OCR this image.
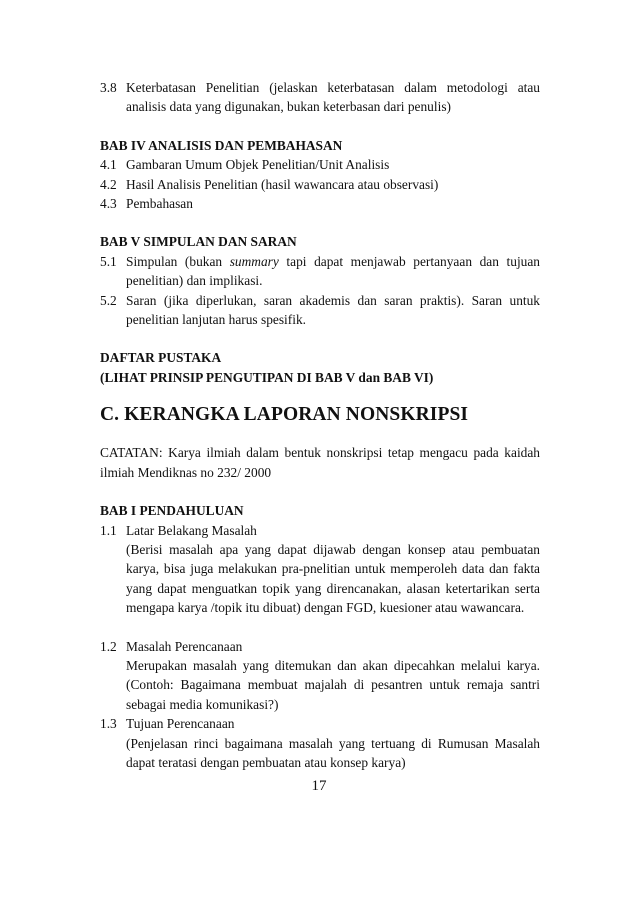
3.8 Keterbatasan Penelitian (jelaskan keterbatasan dalam metodologi atau analisis data yang digunakan, bukan keterbasan dari penulis)
BAB IV ANALISIS DAN PEMBAHASAN
4.1 Gambaran Umum Objek Penelitian/Unit Analisis
4.2 Hasil Analisis Penelitian (hasil wawancara atau observasi)
4.3 Pembahasan
BAB V SIMPULAN DAN SARAN
5.1 Simpulan (bukan summary tapi dapat menjawab pertanyaan dan tujuan penelitian) dan implikasi.
5.2 Saran (jika diperlukan, saran akademis dan saran praktis). Saran untuk penelitian lanjutan harus spesifik.
DAFTAR PUSTAKA
(LIHAT PRINSIP PENGUTIPAN DI BAB V dan BAB VI)
C. KERANGKA LAPORAN NONSKRIPSI
CATATAN: Karya ilmiah dalam bentuk nonskripsi tetap mengacu pada kaidah ilmiah Mendiknas no 232/ 2000
BAB I PENDAHULUAN
1.1 Latar Belakang Masalah
(Berisi masalah apa yang dapat dijawab dengan konsep atau pembuatan karya, bisa juga melakukan pra-pnelitian untuk memperoleh data dan fakta yang dapat menguatkan topik yang direncanakan, alasan ketertarikan serta mengapa karya /topik itu dibuat) dengan FGD, kuesioner atau wawancara.
1.2 Masalah Perencanaan
Merupakan masalah yang ditemukan dan akan dipecahkan melalui karya. (Contoh: Bagaimana membuat majalah di pesantren untuk remaja santri sebagai media komunikasi?)
1.3 Tujuan Perencanaan
(Penjelasan rinci bagaimana masalah yang tertuang di Rumusan Masalah dapat teratasi dengan pembuatan atau konsep karya)
17
